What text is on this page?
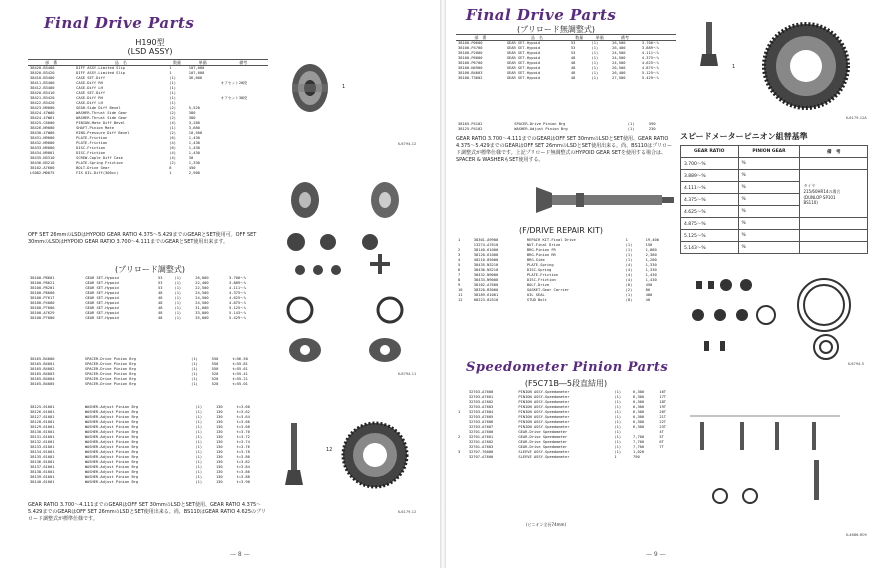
Final Drive Parts
H190型
(LSD ASSY)
部　番	品　名	数量	単価	備考
38420-B3400	DIFF ASSY-Limited Slip	1	107,000	
38420-B3420	DIFF ASSY-Limited Slip	1	107,000	
38410-B3400	CASE SET-Diff	(1)	36,600	
38411-B3400	CASE-Diff RH	(1)		オフセット20段
38412-B3400	CASE-Diff LH	(1)		
38420-B3410	CASE SET-Diff	(1)		
38421-B3420	CASE-Diff RH	(1)		オフセット30段
38422-B3420	CASE-Diff LH	(1)		
38423-N9000	GEAR-Side Diff Bevel	(2)	5,520	
38424-47W00	WASHER-Thrust Side Gear	(2)	380	
38424-47W01	WASHER-Thrust Side Gear	(2)	380	
38425-C6000	PINION-Mate Diff Bevel	(4)	3,280	
38426-N9000	SHAFT-Pinion Mate	(1)	3,680	
38430-47W00	RING-Pressure Diff Bevel	(2)	10,500	
38431-N9000	PLATE-Friction	(6)	1,430	
38432-N9000	PLATE-Friction	(4)	1,430	
38433-N9000	DISC-Friction	(6)	1,430	
38434-N9001	DISC-Friction	(4)	1,430	
38435-N3310	SCREW-Cople Diff Case	(4)	30	
38436-N3210	PLATE-Spring Friction	(2)	1,330	
38102-A7600	BOLT-Drive Gear	8	450	
LS082-M0075	FIX OIL-Diff(300cc)	1	2,900	
OFF SET 26mmのLSDはHYPOID GEAR RATIO 4.375～5.429までのGEARとSET使用可。OFF SET 30mmのLSDはHYPOID GEAR RATIO 3.700～4.111までのGEARとSET使用出来ます。
(プリロード調整式)
38100-P8601	GEAR SET-Hypoid	53	(1)	26,000	3.700～%
38100-P8621	GEAR SET-Hypoid	53	(1)	22,400	3.889～%
38100-P8201	GEAR SET-Hypoid	53	(1)	22,500	4.111～%
38100-P8600	GEAR SET-Hypoid	48	(1)	24,500	4.375～%
38100-P7617	GEAR SET-Hypoid	48	(1)	24,500	4.625～%
38100-P4000	GEAR SET-Hypoid	48	(1)	24,500	4.875～%
38100-P7600	GEAR SET-Hypoid	48	(1)	31,000	5.125～%
38100-A7629	GEAR SET-Hypoid	48	(1)	33,000	5.143～%
38100-P7000	GEAR SET-Hypoid	48	(1)	35,000	5.429～%
38165-B4000	SPACER-Drive Pinion Brg	(1)	550	t=56.50
38165-B4001	SPACER-Drive Pinion Brg	(1)	550	t=55.81
38165-B4002	SPACER-Drive Pinion Brg	(1)	550	t=55.61
38165-B4003	SPACER-Drive Pinion Brg	(1)	520	t=55.41
38165-B4004	SPACER-Drive Pinion Brg	(1)	520	t=55.21
38165-B4005	SPACER-Drive Pinion Brg	(1)	520	t=55.01
38125-61001	WASHER-Adjust Pinion Brg	(1)	130	t=3.60
38126-61001	WASHER-Adjust Pinion Brg	(1)	130	t=3.62
38127-61001	WASHER-Adjust Pinion Brg	(1)	130	t=3.64
38128-61001	WASHER-Adjust Pinion Brg	(1)	130	t=3.66
38129-61001	WASHER-Adjust Pinion Brg	(1)	130	t=3.68
38130-61001	WASHER-Adjust Pinion Brg	(1)	130	t=3.70
38131-61001	WASHER-Adjust Pinion Brg	(1)	130	t=3.72
38132-61001	WASHER-Adjust Pinion Brg	(1)	130	t=3.74
38133-61001	WASHER-Adjust Pinion Brg	(1)	130	t=3.76
38134-61001	WASHER-Adjust Pinion Brg	(1)	130	t=3.78
38135-61001	WASHER-Adjust Pinion Brg	(1)	130	t=3.80
38136-61001	WASHER-Adjust Pinion Brg	(1)	130	t=3.82
38137-61001	WASHER-Adjust Pinion Brg	(1)	130	t=3.84
38138-61001	WASHER-Adjust Pinion Brg	(1)	130	t=3.86
38139-61001	WASHER-Adjust Pinion Brg	(1)	130	t=3.88
38140-61001	WASHER-Adjust Pinion Brg	(1)	130	t=3.90
GEAR RATIO 3.700～4.111までのGEARはOFF SET 30mmのLSDとSET使用、GEAR RATIO 4.375～5.429までのGEARはOFF SET 26mmのLSDとSET使用出来る。尚、BS110はGEAR RATIO 4.625のプリロード調整式が標準仕様です。
— 8 —
1
K-6794-12
K-6794-11
12
K-6179-12
Final Drive Parts
(プリロード無調整式)
部　番	品　名	数量	単価	備考	
38100-P0600	GEAR SET-Hypoid	53	(1)	26,500	3.700～%
38100-P4700	GEAR SET-Hypoid	53	(1)	26,400	3.889～%
38100-P2000	GEAR SET-Hypoid	53	(1)	24,500	4.111～%
38100-P6000	GEAR SET-Hypoid	48	(1)	24,500	4.375～%
38100-P6700	GEAR SET-Hypoid	48	(1)	24,500	4.625～%
38100-N4900	GEAR SET-Hypoid	48	(1)	26,500	4.875～%
38100-B4603	GEAR SET-Hypoid	48	(1)	26,400	5.125～%
38100-T3602	GEAR SET-Hypoid	48	(1)	27,500	5.429～%
38165-P4102	SPACER-Drive Pinion Brg	(1)	590	
38125-P4102	WASHER-Adjust Pinion Brg	(1)	230	
GEAR RATIO 3.700～4.111までのGEARはOFF SET 30mmのLSDとSET使用、GEAR RATIO 4.375～5.429までのGEARはOFF SET 26mmのLSDとSET使用出来る。尚、BS110はプリロード調整式が標準仕様です。上記プリロード無調整式のHYPOID GEAR SETを使用する場合は、SPACER & WASHERもSET使用する。
(F/DRIVE REPAIR KIT)
1	38301-A9900	REPAIR KIT-Final Drive	1	19,400
	13274-A7610	NUT-Final Drive	(1)	150
2	38140-61000	BRG-Pinion FR	(1)	1,880
3	38120-61000	BRG-Pinion RR	(1)	2,380
4	40210-85000	BRG-Side	(1)	1,200
5	38435-N3210	PLATE-Spring	(4)	1,330
6	38436-N3210	DISC-Spring	(4)	1,330
7	38432-N9000	PLATE-Friction	(4)	1,430
8	38433-N9000	DISC-Friction	(4)	1,430
9	38102-A7600	BOLT-Drive	(8)	450
10	38320-B3000	GASKET-Gear Carrier	(2)	80
11	38189-61001	OIL SEAL	(1)	480
12	08223-82510	STUD Bolt	(8)	40
Speedometer Pinion Parts
(F5C71B―5段直結用)
	32703-A7600	PINION ASSY-Speedometer	(1)	6,300	16T
	32703-A7601	PINION ASSY-Speedometer	(1)	6,300	17T
	32703-A7602	PINION ASSY-Speedometer	(1)	6,300	18T
	32703-A7603	PINION ASSY-Speedometer	(1)	6,300	19T
1	32703-A7604	PINION ASSY-Speedometer	(1)	6,300	20T
	32703-A7605	PINION ASSY-Speedometer	(1)	6,300	21T
	32703-A7606	PINION ASSY-Speedometer	(1)	6,300	22T
	32703-A7607	PINION ASSY-Speedometer	(1)	6,300	23T
	32701-A7600	GEAR-Drive Speedometer	(1)		4T
2	32701-A7601	GEAR-Drive Speedometer	(1)	7,700	5T
	32701-A7602	GEAR-Drive Speedometer	(1)	7,700	6T
	32701-A7603	GEAR-Drive Speedometer	(1)	7,700	7T
3	32707-76000	SLEEVE ASSY-Speedometer	(1)	1,020	
	32707-A7600	SLEEVE ASSY-Speedometer	1	790	
(ピニオン全長74mm)
1
K-6179-12A
スピードメーターピニオン組替基準
GEAR RATIO	PINION GEAR	備　考
3.700～%	%	
3.889～%	%	タイヤ
215/60HR14の場合
(DUNLOP SP101
BS110)
4.111～%	%	
4.375～%	%	
4.625～%	%	
4.875～%	%	
5.125～%	%	
5.143～%	%	
K-6794-5
K-4686-R09
— 9 —
